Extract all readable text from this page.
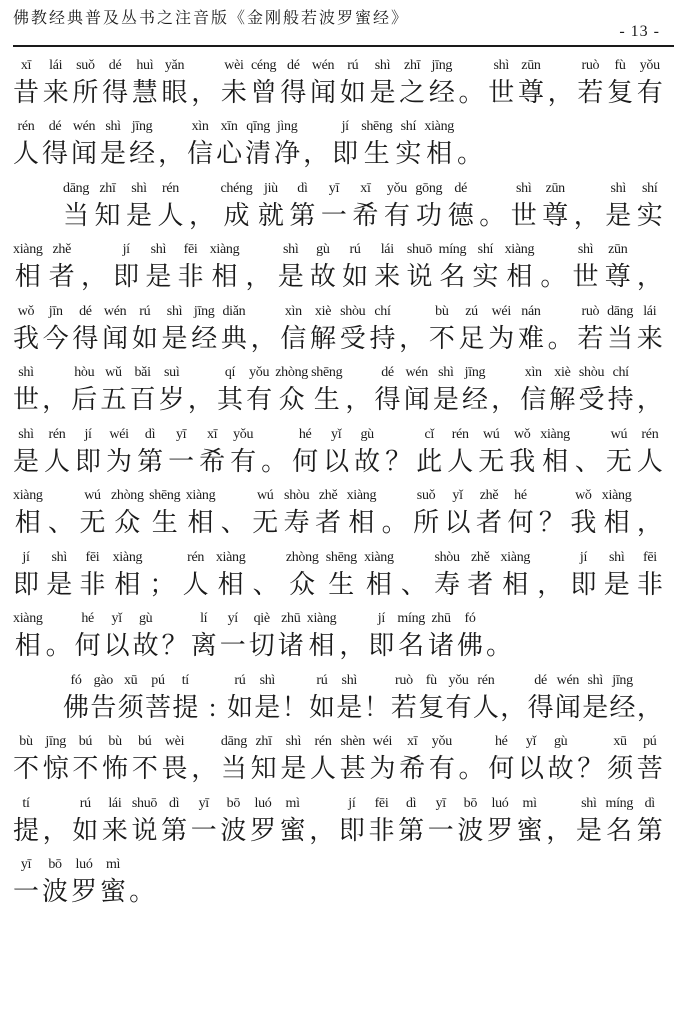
佛教经典普及丛书之注音版《金刚般若波罗蜜经》
- 13 -
xī
昔
lái
来
suǒ
所
dé
得
huì
慧
yǎn
眼 ，
wèi
未
céng
曾
dé
得
wén
闻
rú
如
shì
是
zhī
之
jīng
经 。
shì
世
zūn
尊 ，
ruò
若
fù
复
yǒu
有
rén
人
dé
得
wén
闻
shì
是
jīng
经 ，
xìn
信
xīn
心
qīng
清
jìng
净 ，
jí
即
shēng
生
shí
实
xiàng
相 。
dāng
当
zhī
知
shì
是
rén
人 ，
chéng
成
jiù
就
dì
第
yī
一
xī
希
yǒu
有
gōng
功
dé
德 。
shì
世
zūn
尊 ，
shì
是
shí
实
xiàng
相
zhě
者 ，
jí
即
shì
是
fēi
非
xiàng
相 ，
shì
是
gù
故
rú
如
lái
来
shuō
说
míng
名
shí
实
xiàng
相 。
shì
世
zūn
尊 ，
wǒ
我
jīn
今
dé
得
wén
闻
rú
如
shì
是
jīng
经
diǎn
典 ，
xìn
信
xiè
解
shòu
受
chí
持 ，
bù
不
zú
足
wéi
为
nán
难 。
ruò
若
dāng
当
lái
来
shì
世 ，
hòu
后
wǔ
五
bǎi
百
suì
岁 ，
qí
其
yǒu
有
zhòng
众
shēng
生 ，
dé
得
wén
闻
shì
是
jīng
经 ，
xìn
信
xiè
解
shòu
受
chí
持 ，
shì
是
rén
人
jí
即
wéi
为
dì
第
yī
一
xī
希
yǒu
有 。
hé
何
yǐ
以
gù
故 ？
cǐ
此
rén
人
wú
无
wǒ
我
xiàng
相 、
wú
无
rén
人
xiàng
相 、
wú
无
zhòng
众
shēng
生
xiàng
相 、
wú
无
shòu
寿
zhě
者
xiàng
相 。
suǒ
所
yǐ
以
zhě
者
hé
何 ？
wǒ
我
xiàng
相 ，
jí
即
shì
是
fēi
非
xiàng
相 ；
rén
人
xiàng
相 、
zhòng
众
shēng
生
xiàng
相 、
shòu
寿
zhě
者
xiàng
相 ，
jí
即
shì
是
fēi
非
xiàng
相 。
hé
何
yǐ
以
gù
故 ？
lí
离
yí
一
qiè
切
zhū
诸
xiàng
相 ，
jí
即
míng
名
zhū
诸
fó
佛 。
fó
佛
gào
告
xū
须
pú
菩
tí
提 :
rú
如
shì
是 ！
rú
如
shì
是 ！
ruò
若
fù
复
yǒu
有
rén
人 ，
dé
得
wén
闻
shì
是
jīng
经 ，
bù
不
jīng
惊
bú
不
bù
怖
bú
不
wèi
畏 ，
dāng
当
zhī
知
shì
是
rén
人
shèn
甚
wéi
为
xī
希
yǒu
有 。
hé
何
yǐ
以
gù
故 ？
xū
须
pú
菩
tí
提 ，
rú
如
lái
来
shuō
说
dì
第
yī
一
bō
波
luó
罗
mì
蜜 ，
jí
即
fēi
非
dì
第
yī
一
bō
波
luó
罗
mì
蜜 ，
shì
是
míng
名
dì
第
yī
一
bō
波
luó
罗
mì
蜜 。
